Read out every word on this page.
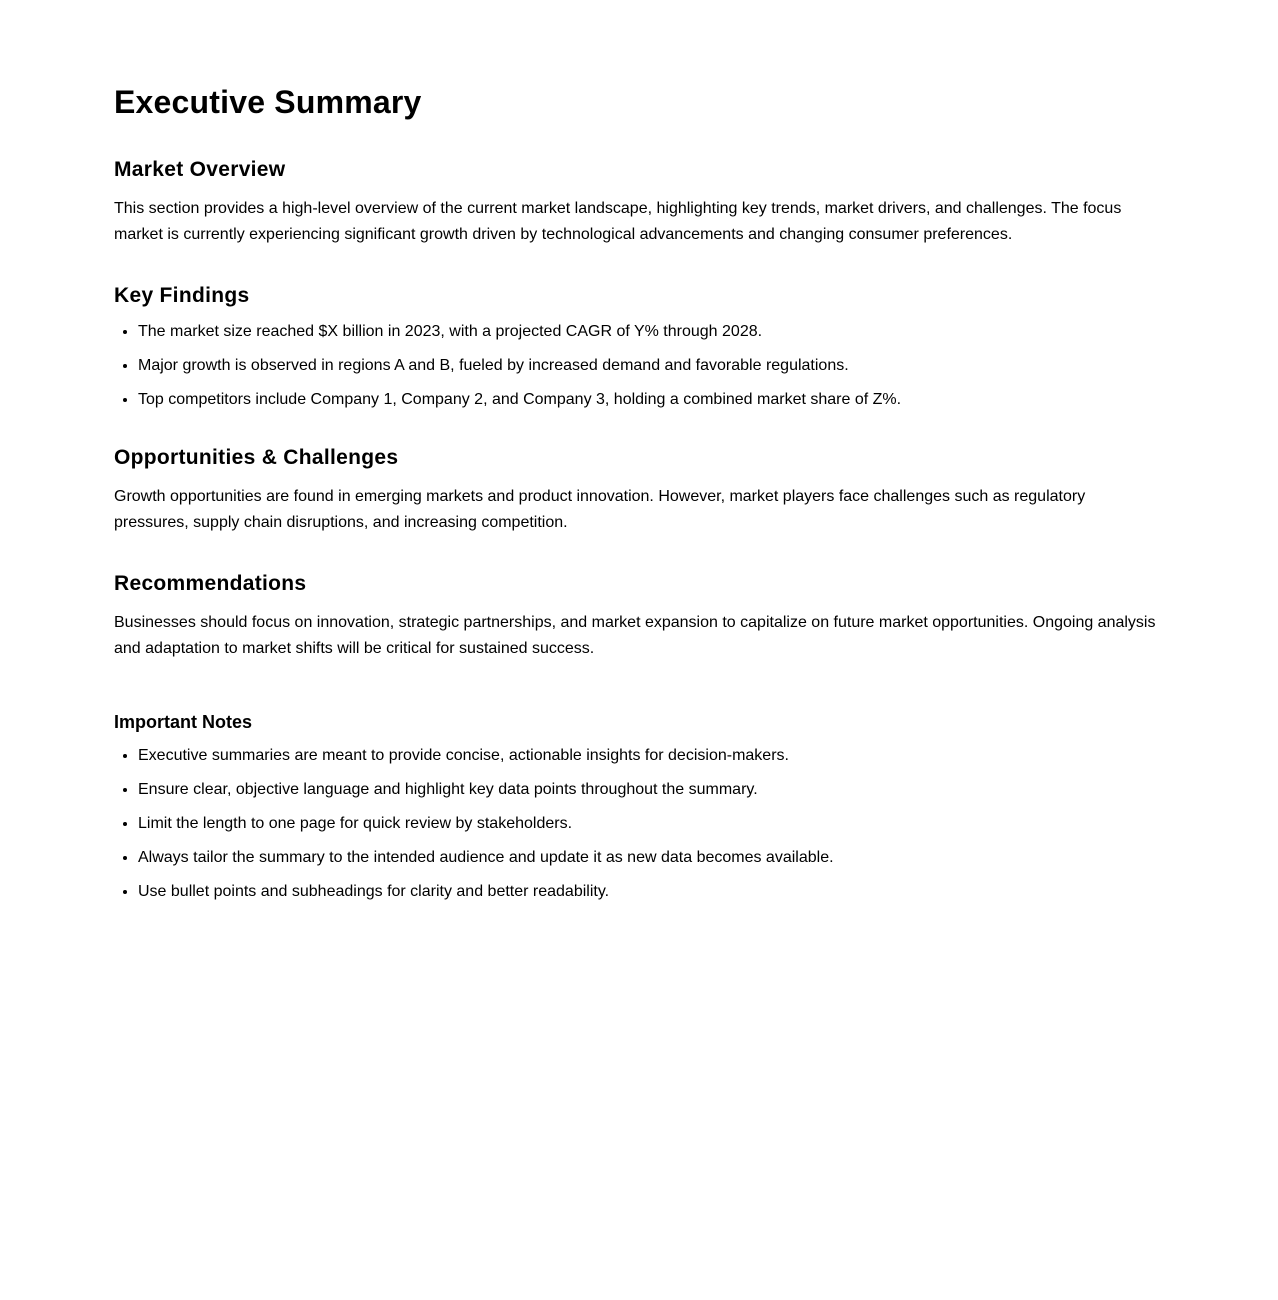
Executive Summary
Market Overview

This section provides a high-level overview of the current market landscape, highlighting key trends, market drivers, and challenges. The focus market is currently experiencing significant growth driven by technological advancements and changing consumer preferences.

Key Findings
• The market size reached $X billion in 2023, with a projected CAGR of Y% through 2028.
• Major growth is observed in regions A and B, fueled by increased demand and favorable regulations.
• Top competitors include Company 1, Company 2, and Company 3, holding a combined market share of Z%.
Opportunities & Challenges

Growth opportunities are found in emerging markets and product innovation. However, market players face challenges such as regulatory pressures, supply chain disruptions, and increasing competition.

Recommendations

Businesses should focus on innovation, strategic partnerships, and market expansion to capitalize on future market opportunities. Ongoing analysis and adaptation to market shifts will be critical for sustained success.

Important Notes
• Executive summaries are meant to provide concise, actionable insights for decision-makers.
• Ensure clear, objective language and highlight key data points throughout the summary.
• Limit the length to one page for quick review by stakeholders.
• Always tailor the summary to the intended audience and update it as new data becomes available.
• Use bullet points and subheadings for clarity and better readability.
